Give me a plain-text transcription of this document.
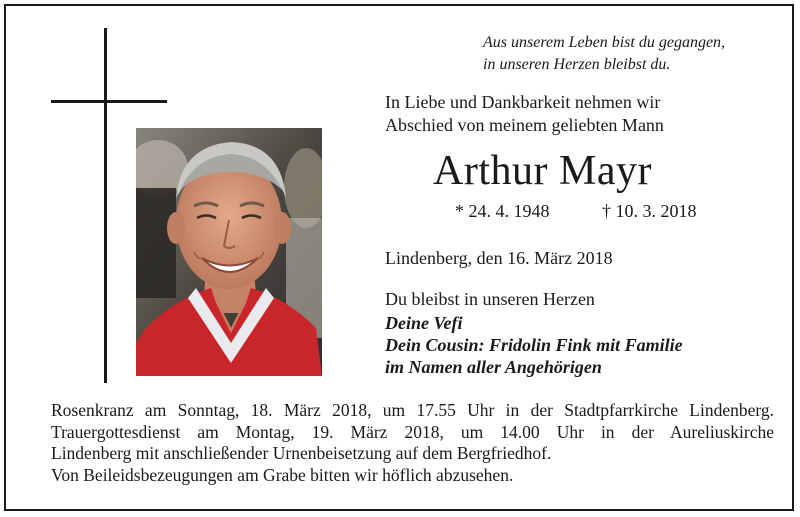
Aus unserem Leben bist du gegangen,
in unseren Herzen bleibst du.
In Liebe und Dankbarkeit nehmen wir
Abschied von meinem geliebten Mann
Arthur Mayr
* 24. 4. 1948	† 10. 3. 2018
Lindenberg, den 16. März 2018
Du bleibst in unseren Herzen
Deine Vefi
Dein Cousin: Fridolin Fink mit Familie
im Namen aller Angehörigen

Rosenkranz am Sonntag, 18. März 2018, um 17.55 Uhr in der Stadtpfarrkirche Lindenberg.

Trauergottesdienst am Montag, 19. März 2018, um 14.00 Uhr in der Aureliuskirche

Lindenberg mit anschließender Urnenbeisetzung auf dem Bergfriedhof.

Von Beileidsbezeugungen am Grabe bitten wir höflich abzusehen.
